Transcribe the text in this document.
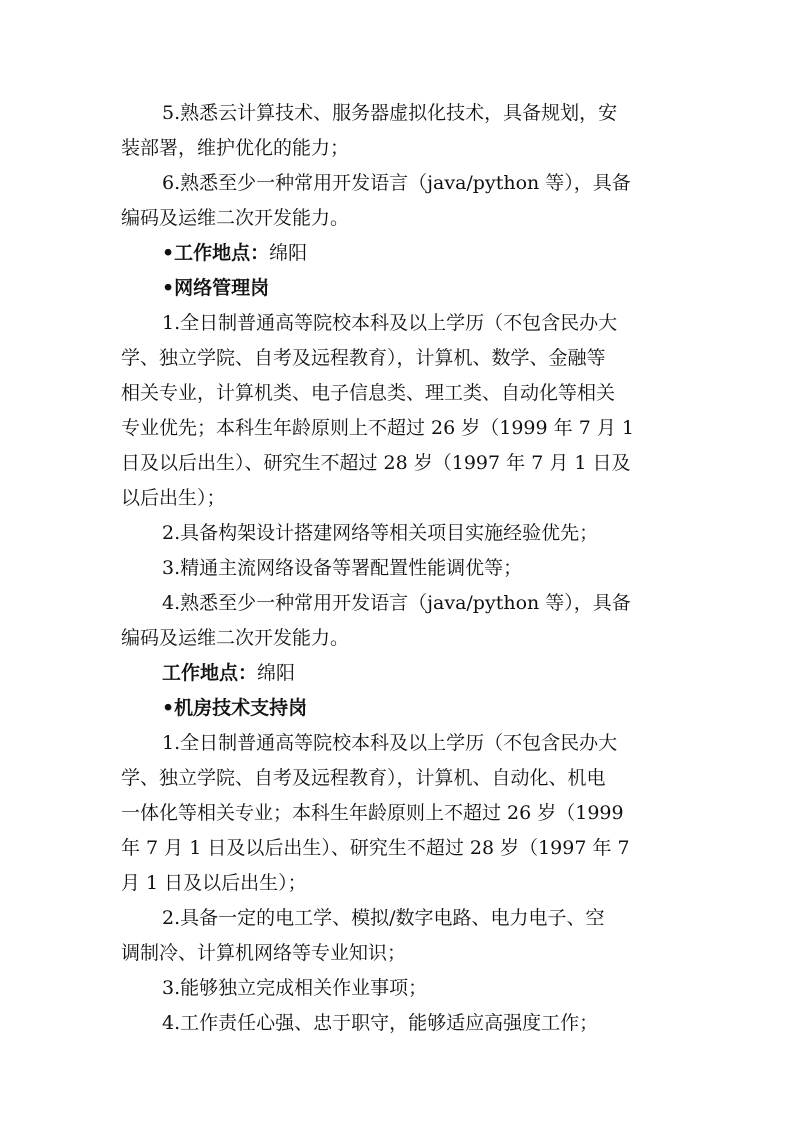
5.熟悉云计算技术、服务器虚拟化技术，具备规划，安

装部署，维护优化的能力；

6.熟悉至少一种常用开发语言（java/python 等），具备

编码及运维二次开发能力。

•工作地点：绵阳

•网络管理岗

1.全日制普通高等院校本科及以上学历（不包含民办大

学、独立学院、自考及远程教育），计算机、数学、金融等

相关专业，计算机类、电子信息类、理工类、自动化等相关

专业优先；本科生年龄原则上不超过 26 岁（1999 年 7 月 1

日及以后出生）、研究生不超过 28 岁（1997 年 7 月 1 日及

以后出生）；

2.具备构架设计搭建网络等相关项目实施经验优先；

3.精通主流网络设备等署配置性能调优等；

4.熟悉至少一种常用开发语言（java/python 等），具备

编码及运维二次开发能力。

工作地点：绵阳

•机房技术支持岗

1.全日制普通高等院校本科及以上学历（不包含民办大

学、独立学院、自考及远程教育），计算机、自动化、机电

一体化等相关专业；本科生年龄原则上不超过 26 岁（1999

年 7 月 1 日及以后出生）、研究生不超过 28 岁（1997 年 7

月 1 日及以后出生）；

2.具备一定的电工学、模拟/数字电路、电力电子、空

调制冷、计算机网络等专业知识；

3.能够独立完成相关作业事项；

4.工作责任心强、忠于职守，能够适应高强度工作；
